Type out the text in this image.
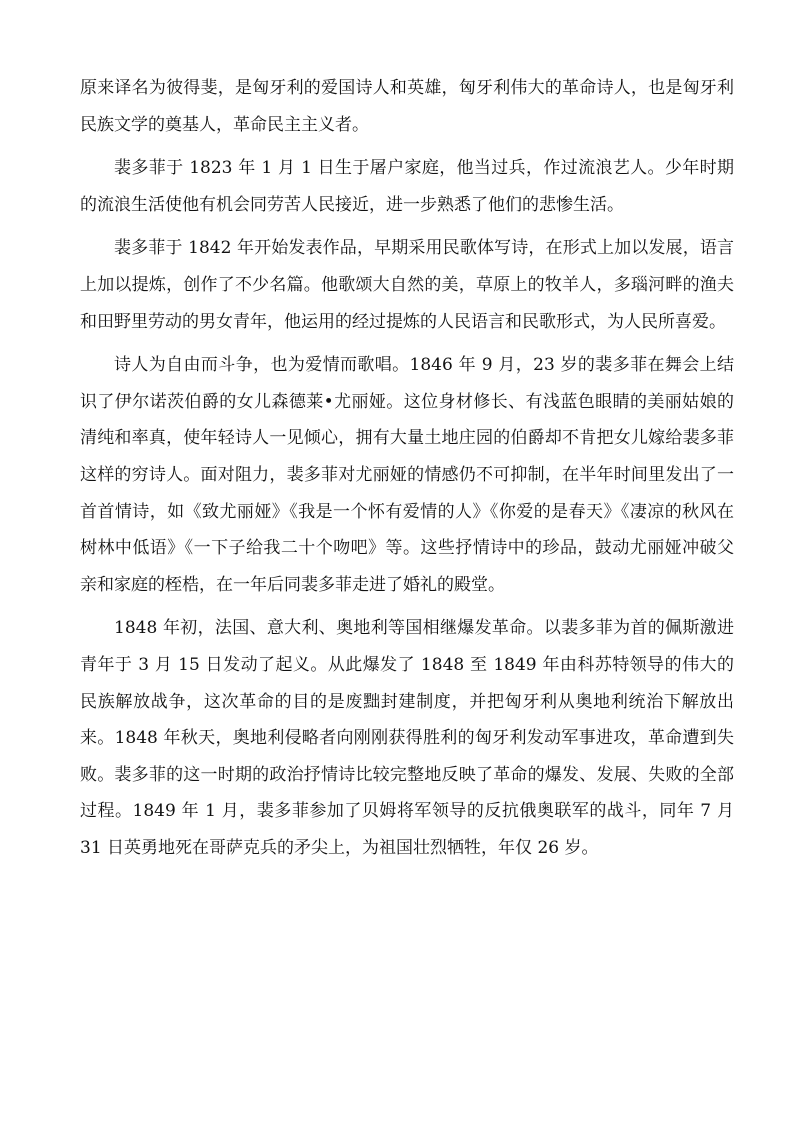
原来译名为彼得斐，是匈牙利的爱国诗人和英雄，匈牙利伟大的革命诗人，也是匈牙利民族文学的奠基人，革命民主主义者。

裴多菲于 1823 年 1 月 1 日生于屠户家庭，他当过兵，作过流浪艺人。少年时期的流浪生活使他有机会同劳苦人民接近，进一步熟悉了他们的悲惨生活。

裴多菲于 1842 年开始发表作品，早期采用民歌体写诗，在形式上加以发展，语言上加以提炼，创作了不少名篇。他歌颂大自然的美，草原上的牧羊人，多瑙河畔的渔夫和田野里劳动的男女青年，他运用的经过提炼的人民语言和民歌形式，为人民所喜爱。

诗人为自由而斗争，也为爱情而歌唱。1846 年 9 月，23 岁的裴多菲在舞会上结识了伊尔诺茨伯爵的女儿森德莱•尤丽娅。这位身材修长、有浅蓝色眼睛的美丽姑娘的清纯和率真，使年轻诗人一见倾心，拥有大量土地庄园的伯爵却不肯把女儿嫁给裴多菲这样的穷诗人。面对阻力，裴多菲对尤丽娅的情感仍不可抑制，在半年时间里发出了一首首情诗，如《致尤丽娅》《我是一个怀有爱情的人》《你爱的是春天》《凄凉的秋风在树林中低语》《一下子给我二十个吻吧》等。这些抒情诗中的珍品，鼓动尤丽娅冲破父亲和家庭的桎梏，在一年后同裴多菲走进了婚礼的殿堂。

1848 年初，法国、意大利、奥地利等国相继爆发革命。以裴多菲为首的佩斯激进青年于 3 月 15 日发动了起义。从此爆发了 1848 至 1849 年由科苏特领导的伟大的民族解放战争，这次革命的目的是废黜封建制度，并把匈牙利从奥地利统治下解放出来。1848 年秋天，奥地利侵略者向刚刚获得胜利的匈牙利发动军事进攻，革命遭到失败。裴多菲的这一时期的政治抒情诗比较完整地反映了革命的爆发、发展、失败的全部过程。1849 年 1 月，裴多菲参加了贝姆将军领导的反抗俄奥联军的战斗，同年 7 月 31 日英勇地死在哥萨克兵的矛尖上，为祖国壮烈牺牲，年仅 26 岁。
